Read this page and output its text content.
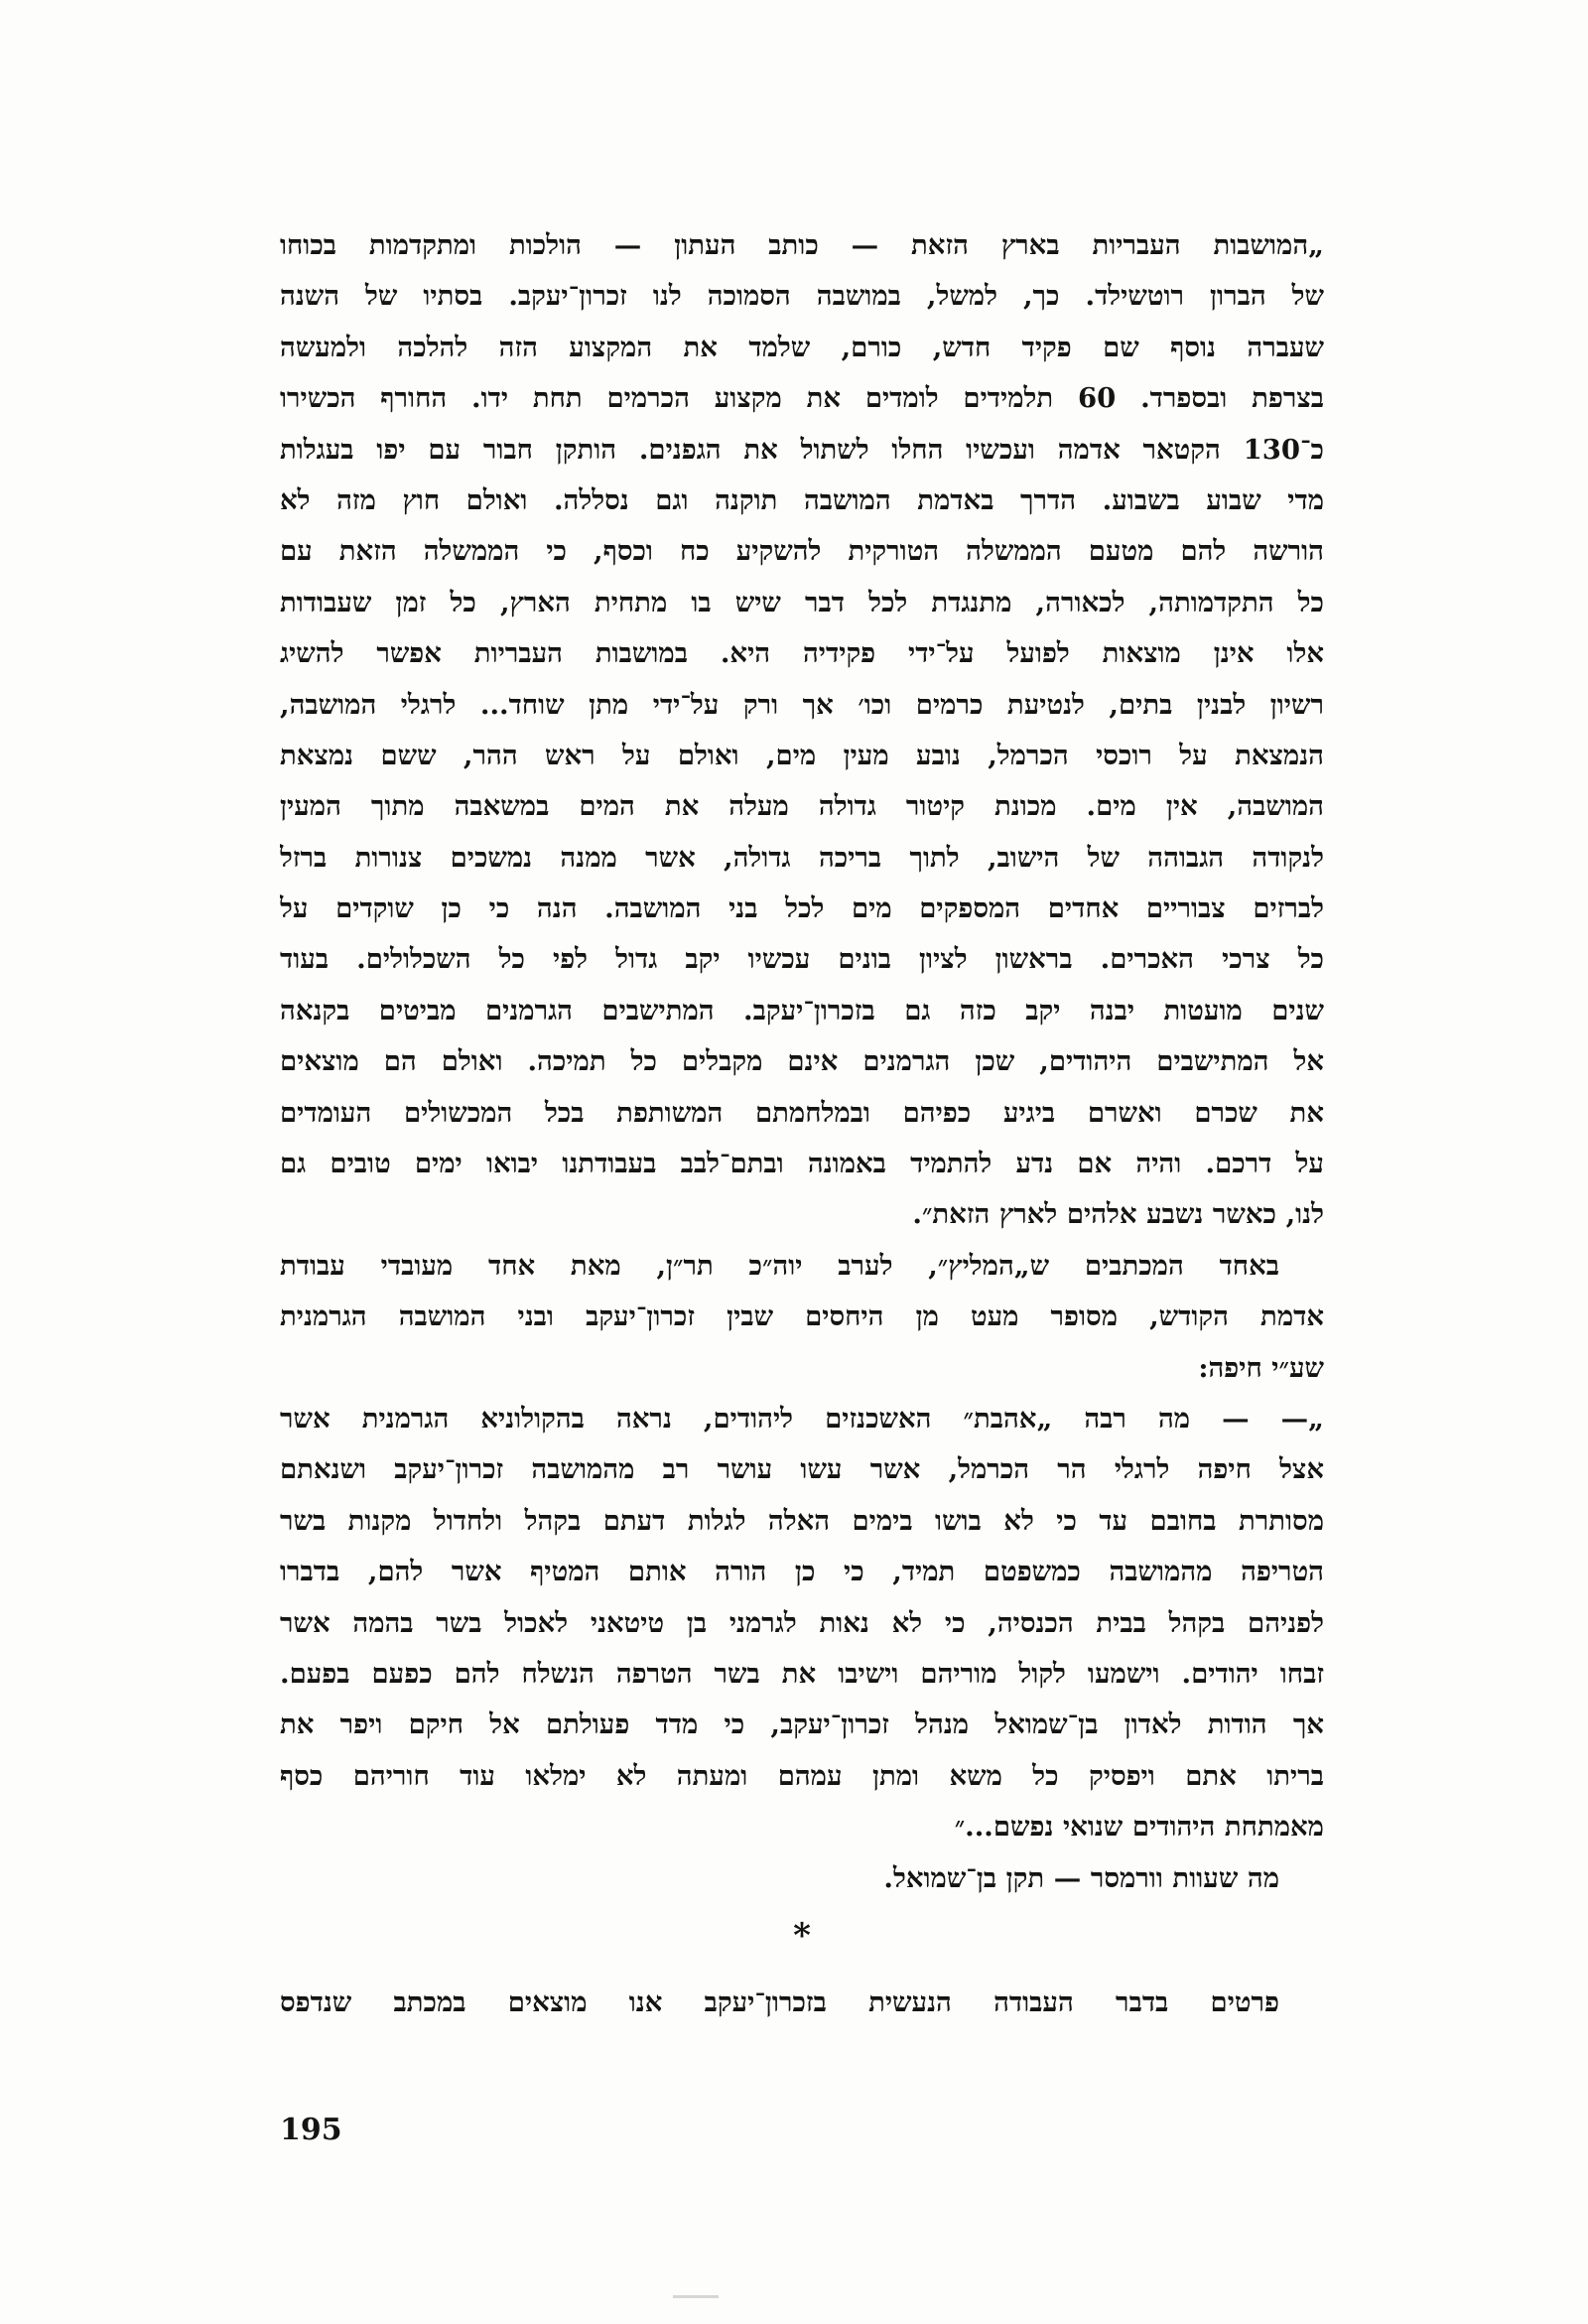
„המושבות העבריות בארץ הזאת — כותב העתון — הולכות ומתקדמות בכוחו
של הברון רוטשילד. כך, למשל, במושבה הסמוכה לנו זכרון־יעקב. בסתיו של השנה
שעברה נוסף שם פקיד חדש, כורם, שלמד את המקצוע הזה להלכה ולמעשה
בצרפת ובספרד. 60 תלמידים לומדים את מקצוע הכרמים תחת ידו. החורף הכשירו
כ־130 הקטאר אדמה ועכשיו החלו לשתול את הגפנים. הותקן חבור עם יפו בעגלות
מדי שבוע בשבוע. הדרך באדמת המושבה תוקנה וגם נסללה. ואולם חוץ מזה לא
הורשה להם מטעם הממשלה הטורקית להשקיע כח וכסף, כי הממשלה הזאת עם
כל התקדמותה, לכאורה, מתנגדת לכל דבר שיש בו מתחית הארץ, כל זמן שעבודות
אלו אינן מוצאות לפועל על־ידי פקידיה היא. במושבות העבריות אפשר להשיג
רשיון לבנין בתים, לנטיעת כרמים וכו׳ אך ורק על־ידי מתן שוחד... לרגלי המושבה,
הנמצאת על רוכסי הכרמל, נובע מעין מים, ואולם על ראש ההר, ששם נמצאת
המושבה, אין מים. מכונת קיטור גדולה מעלה את המים במשאבה מתוך המעין
לנקודה הגבוהה של הישוב, לתוך בריכה גדולה, אשר ממנה נמשכים צנורות ברזל
לברזים צבוריים אחדים המספקים מים לכל בני המושבה. הנה כי כן שוקדים על
כל צרכי האכרים. בראשון לציון בונים עכשיו יקב גדול לפי כל השכלולים. בעוד
שנים מועטות יבנה יקב כזה גם בזכרון־יעקב. המתישבים הגרמנים מביטים בקנאה
אל המתישבים היהודים, שכן הגרמנים אינם מקבלים כל תמיכה. ואולם הם מוצאים
את שכרם ואשרם ביגיע כפיהם ובמלחמתם המשותפת בכל המכשולים העומדים
על דרכם. והיה אם נדע להתמיד באמונה ובתם־לבב בעבודתנו יבואו ימים טובים גם
לנו, כאשר נשבע אלהים לארץ הזאת״.
באחד המכתבים ש„המליץ״, לערב יוה״כ תר״ן, מאת אחד מעובדי עבודת
אדמת הקודש, מסופר מעט מן היחסים שבין זכרון־יעקב ובני המושבה הגרמנית
שע״י חיפה:
„— — מה רבה „אהבת״ האשכנזים ליהודים, נראה בהקולוניא הגרמנית אשר
אצל חיפה לרגלי הר הכרמל, אשר עשו עושר רב מהמושבה זכרון־יעקב ושנאתם
מסותרת בחובם עד כי לא בושו בימים האלה לגלות דעתם בקהל ולחדול מקנות בשר
הטריפה מהמושבה כמשפטם תמיד, כי כן הורה אותם המטיף אשר להם, בדברו
לפניהם בקהל בבית הכנסיה, כי לא נאות לגרמני בן טיטאני לאכול בשר בהמה אשר
זבחו יהודים. וישמעו לקול מוריהם וישיבו את בשר הטרפה הנשלח להם כפעם בפעם.
אך הודות לאדון בן־שמואל מנהל זכרון־יעקב, כי מדד פעולתם אל חיקם ויפר את
בריתו אתם ויפסיק כל משא ומתן עמהם ומעתה לא ימלאו עוד חוריהם כסף
מאמתחת היהודים שנואי נפשם...״
מה שעוות וורמסר — תקן בן־שמואל.
*
פרטים בדבר העבודה הנעשית בזכרון־יעקב אנו מוצאים במכתב שנדפס
195
